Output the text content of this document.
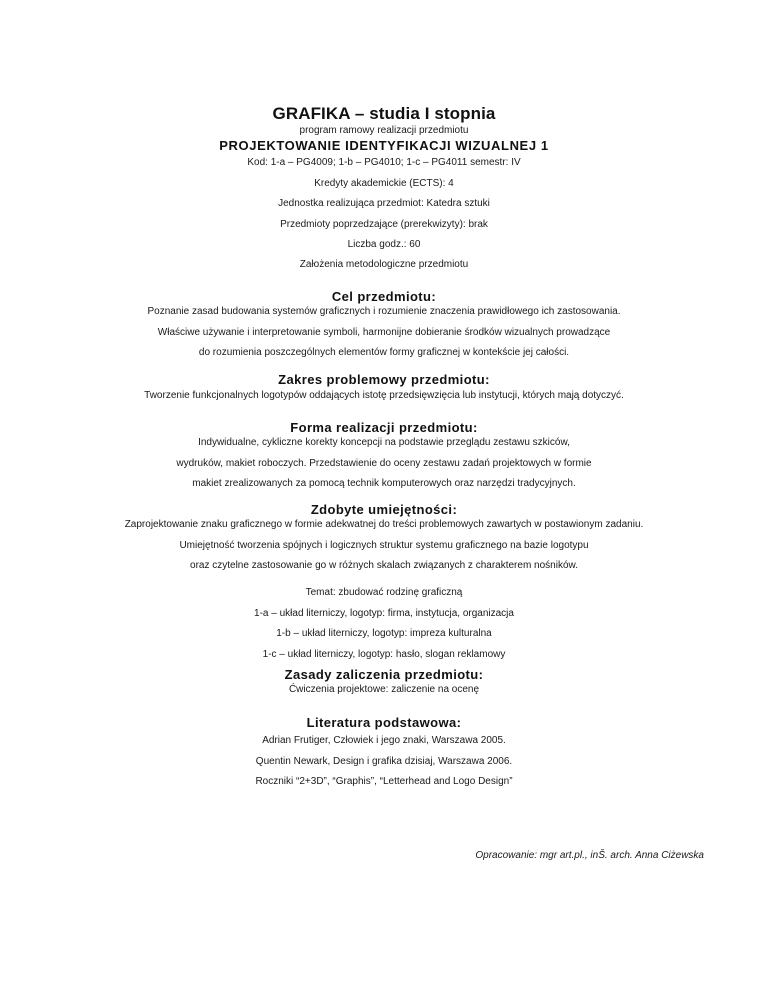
GRAFIKA – studia I stopnia
program ramowy realizacji przedmiotu
PROJEKTOWANIE IDENTYFIKACJI WIZUALNEJ 1
Kod: 1-a – PG4009; 1-b – PG4010; 1-c – PG4011 semestr: IV
Kredyty akademickie (ECTS): 4
Jednostka realizująca przedmiot: Katedra sztuki
Przedmioty poprzedzające (prerekwizyty): brak
Liczba godz.: 60
Założenia metodologiczne przedmiotu
Cel przedmiotu:
Poznanie zasad budowania systemów graficznych i rozumienie znaczenia prawidłowego ich zastosowania.
Właściwe używanie i interpretowanie symboli, harmonijne dobieranie środków wizualnych prowadzące
do rozumienia poszczególnych elementów formy graficznej w kontekście jej całości.
Zakres problemowy przedmiotu:
Tworzenie funkcjonalnych logotypów oddających istotę przedsięwzięcia lub instytucji, których mają dotyczyć.
Forma realizacji przedmiotu:
Indywidualne, cykliczne korekty koncepcji na podstawie przeglądu zestawu szkiców,
wydruków, makiet roboczych. Przedstawienie do oceny zestawu zadań projektowych w formie
makiet zrealizowanych za pomocą technik komputerowych oraz narzędzi tradycyjnych.
Zdobyte umiejętności:
Zaprojektowanie znaku graficznego w formie adekwatnej do treści problemowych zawartych w postawionym zadaniu.
Umiejętność tworzenia spójnych i logicznych struktur systemu graficznego na bazie logotypu
oraz czytelne zastosowanie go w różnych skalach związanych z charakterem nośników.
Temat: zbudować rodzinę graficzną
1-a – układ literniczy, logotyp: firma, instytucja, organizacja
1-b – układ literniczy, logotyp: impreza kulturalna
1-c – układ literniczy, logotyp: hasło, slogan reklamowy
Zasady zaliczenia przedmiotu:
Ćwiczenia projektowe: zaliczenie na ocenę
Literatura podstawowa:
Adrian Frutiger, Człowiek i jego znaki, Warszawa 2005.
Quentin Newark, Design i grafika dzisiaj, Warszawa 2006.
Roczniki “2+3D”, “Graphis”, “Letterhead and Logo Design”
Opracowanie: mgr art.pl., inŠ. arch. Anna Ciżewska
